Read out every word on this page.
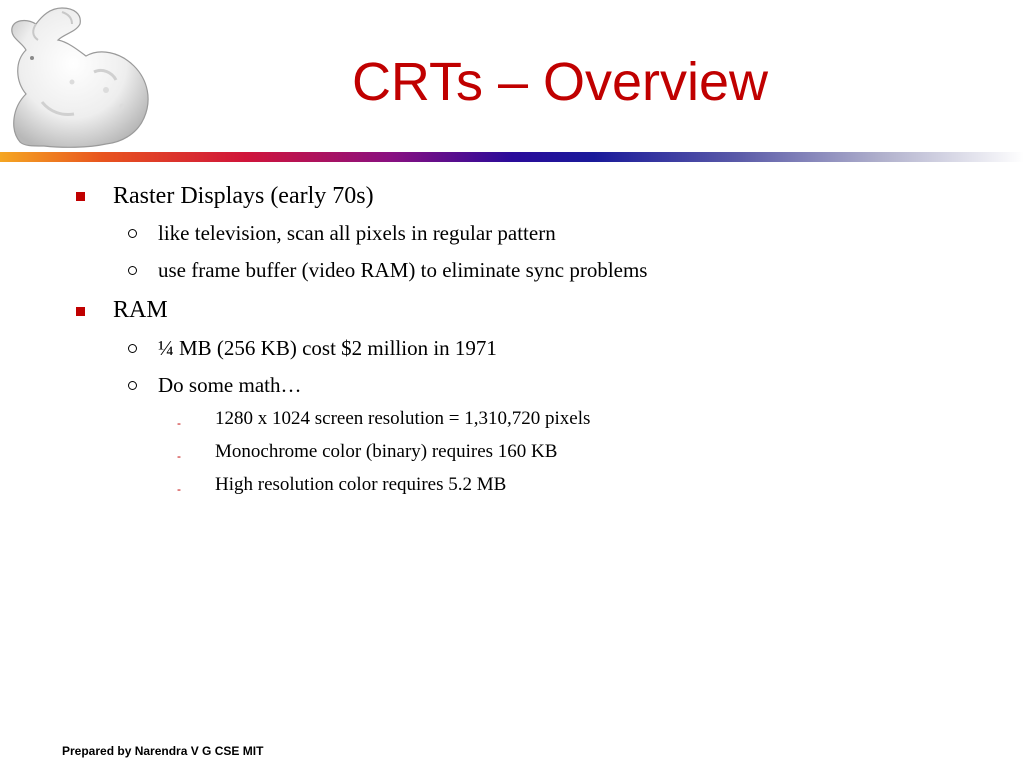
CRTs – Overview
Raster Displays (early 70s)
like television, scan all pixels in regular pattern
use frame buffer (video RAM) to eliminate sync problems
RAM
¼ MB (256 KB) cost $2 million in 1971
Do some math…
- 1280 x 1024 screen resolution = 1,310,720 pixels
- Monochrome color (binary) requires 160 KB
- High resolution color requires 5.2 MB
Prepared by Narendra V G CSE MIT
